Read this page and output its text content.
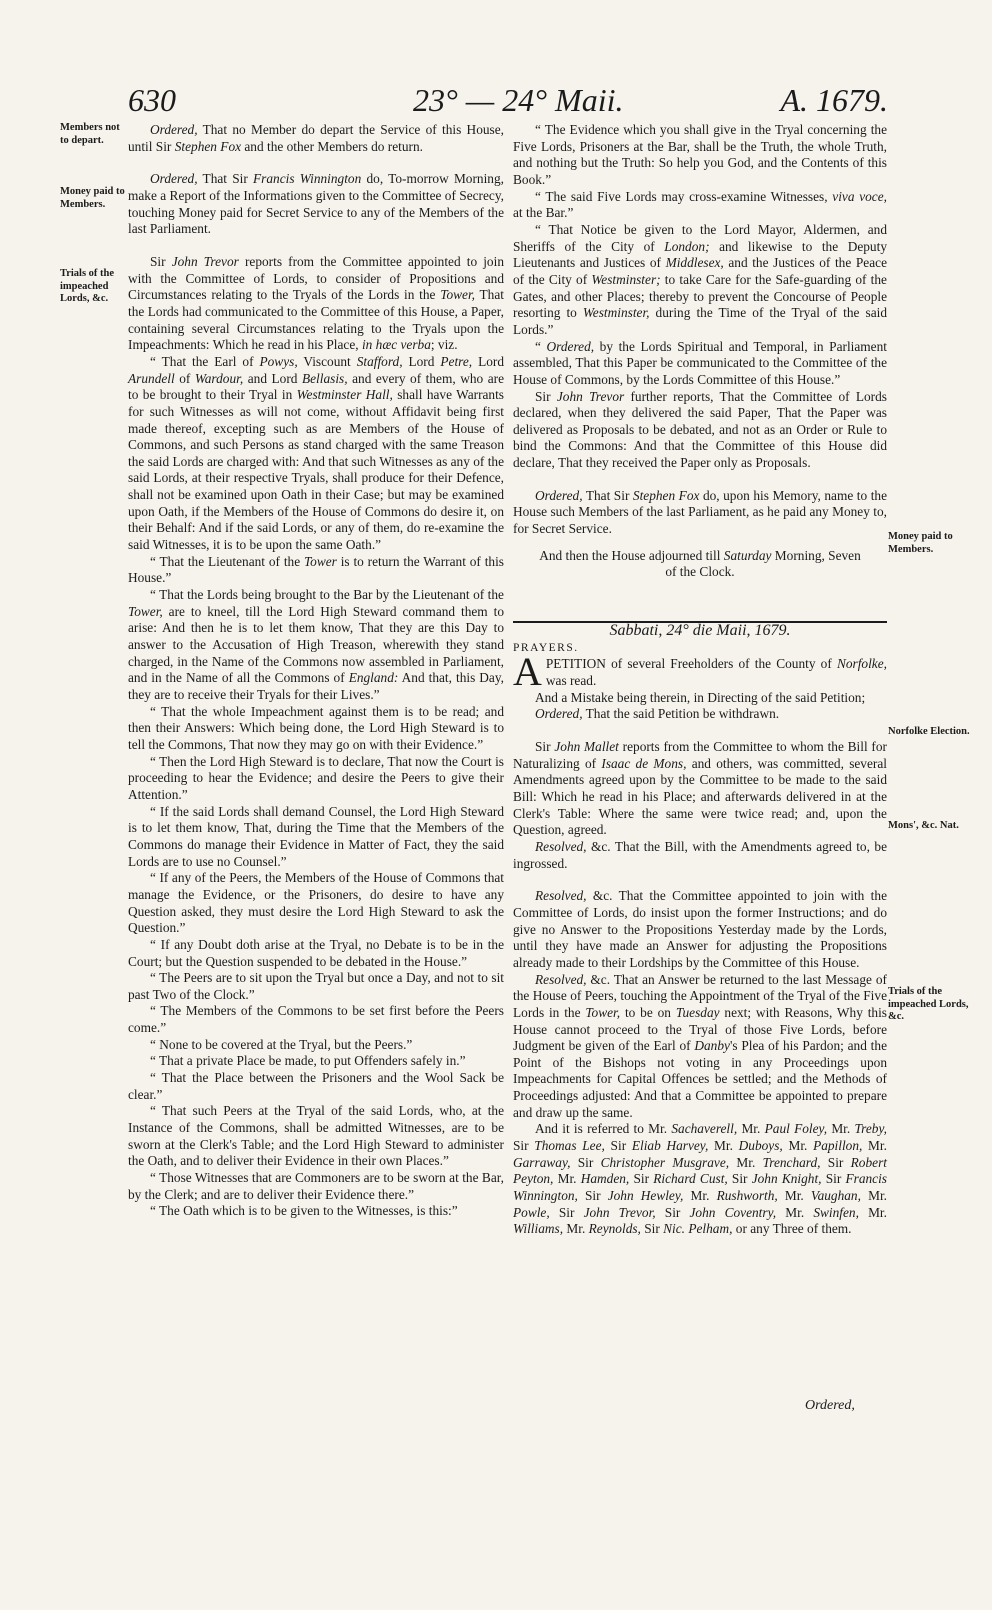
630	23° — 24° Maii.	A. 1679.
Members not to depart.
Money paid to Members.
Trials of the impeached Lords, &c.
Money paid to Members.
Norfolke Election.
Mons', &c. Nat.
Trials of the impeached Lords, &c.

Ordered, That no Member do depart the Service of this House, until Sir Stephen Fox and the other Members do return.

Ordered, That Sir Francis Winnington do, To-morrow Morning, make a Report of the Informations given to the Committee of Secrecy, touching Money paid for Secret Service to any of the Members of the last Parliament.

Sir John Trevor reports from the Committee appointed to join with the Committee of Lords, to consider of Propositions and Circumstances relating to the Tryals of the Lords in the Tower, That the Lords had communicated to the Committee of this House, a Paper, containing several Circumstances relating to the Tryals upon the Impeachments: Which he read in his Place, in hæc verba; viz.

“ That the Earl of Powys, Viscount Stafford, Lord Petre, Lord Arundell of Wardour, and Lord Bellasis, and every of them, who are to be brought to their Tryal in Westminster Hall, shall have Warrants for such Witnesses as will not come, without Affidavit being first made thereof, excepting such as are Members of the House of Commons, and such Persons as stand charged with the same Treason the said Lords are charged with: And that such Witnesses as any of the said Lords, at their respective Tryals, shall produce for their Defence, shall not be examined upon Oath in their Case; but may be examined upon Oath, if the Members of the House of Commons do desire it, on their Behalf: And if the said Lords, or any of them, do re-examine the said Witnesses, it is to be upon the same Oath.”

“ That the Lieutenant of the Tower is to return the Warrant of this House.”

“ That the Lords being brought to the Bar by the Lieutenant of the Tower, are to kneel, till the Lord High Steward command them to arise: And then he is to let them know, That they are this Day to answer to the Accusation of High Treason, wherewith they stand charged, in the Name of the Commons now assembled in Parliament, and in the Name of all the Commons of England: And that, this Day, they are to receive their Tryals for their Lives.”

“ That the whole Impeachment against them is to be read; and then their Answers: Which being done, the Lord High Steward is to tell the Commons, That now they may go on with their Evidence.”

“ Then the Lord High Steward is to declare, That now the Court is proceeding to hear the Evidence; and desire the Peers to give their Attention.”

“ If the said Lords shall demand Counsel, the Lord High Steward is to let them know, That, during the Time that the Members of the Commons do manage their Evidence in Matter of Fact, they the said Lords are to use no Counsel.”

“ If any of the Peers, the Members of the House of Commons that manage the Evidence, or the Prisoners, do desire to have any Question asked, they must desire the Lord High Steward to ask the Question.”

“ If any Doubt doth arise at the Tryal, no Debate is to be in the Court; but the Question suspended to be debated in the House.”

“ The Peers are to sit upon the Tryal but once a Day, and not to sit past Two of the Clock.”

“ The Members of the Commons to be set first before the Peers come.”

“ None to be covered at the Tryal, but the Peers.”

“ That a private Place be made, to put Offenders safely in.”

“ That the Place between the Prisoners and the Wool Sack be clear.”

“ That such Peers at the Tryal of the said Lords, who, at the Instance of the Commons, shall be admitted Witnesses, are to be sworn at the Clerk's Table; and the Lord High Steward to administer the Oath, and to deliver their Evidence in their own Places.”

“ Those Witnesses that are Commoners are to be sworn at the Bar, by the Clerk; and are to deliver their Evidence there.”

“ The Oath which is to be given to the Witnesses, is this:”

“ The Evidence which you shall give in the Tryal concerning the Five Lords, Prisoners at the Bar, shall be the Truth, the whole Truth, and nothing but the Truth: So help you God, and the Contents of this Book.”

“ The said Five Lords may cross-examine Witnesses, viva voce, at the Bar.”

“ That Notice be given to the Lord Mayor, Aldermen, and Sheriffs of the City of London; and likewise to the Deputy Lieutenants and Justices of Middlesex, and the Justices of the Peace of the City of Westminster; to take Care for the Safe-guarding of the Gates, and other Places; thereby to prevent the Concourse of People resorting to Westminster, during the Time of the Tryal of the said Lords.”

“ Ordered, by the Lords Spiritual and Temporal, in Parliament assembled, That this Paper be communicated to the Committee of the House of Commons, by the Lords Committee of this House.”

Sir John Trevor further reports, That the Committee of Lords declared, when they delivered the said Paper, That the Paper was delivered as Proposals to be debated, and not as an Order or Rule to bind the Commons: And that the Committee of this House did declare, That they received the Paper only as Proposals.

Ordered, That Sir Stephen Fox do, upon his Memory, name to the House such Members of the last Parliament, as he paid any Money to, for Secret Service.

And then the House adjourned till Saturday Morning, Seven of the Clock.

Sabbati, 24° die Maii, 1679.

PRAYERS.

APETITION of several Freeholders of the County of Norfolke, was read.

And a Mistake being therein, in Directing of the said Petition;

Ordered, That the said Petition be withdrawn.

Sir John Mallet reports from the Committee to whom the Bill for Naturalizing of Isaac de Mons, and others, was committed, several Amendments agreed upon by the Committee to be made to the said Bill: Which he read in his Place; and afterwards delivered in at the Clerk's Table: Where the same were twice read; and, upon the Question, agreed.

Resolved, &c. That the Bill, with the Amendments agreed to, be ingrossed.

Resolved, &c. That the Committee appointed to join with the Committee of Lords, do insist upon the former Instructions; and do give no Answer to the Propositions Yesterday made by the Lords, until they have made an Answer for adjusting the Propositions already made to their Lordships by the Committee of this House.

Resolved, &c. That an Answer be returned to the last Message of the House of Peers, touching the Appointment of the Tryal of the Five Lords in the Tower, to be on Tuesday next; with Reasons, Why this House cannot proceed to the Tryal of those Five Lords, before Judgment be given of the Earl of Danby's Plea of his Pardon; and the Point of the Bishops not voting in any Proceedings upon Impeachments for Capital Offences be settled; and the Methods of Proceedings adjusted: And that a Committee be appointed to prepare and draw up the same.

And it is referred to Mr. Sachaverell, Mr. Paul Foley, Mr. Treby, Sir Thomas Lee, Sir Eliab Harvey, Mr. Duboys, Mr. Papillon, Mr. Garraway, Sir Christopher Musgrave, Mr. Trenchard, Sir Robert Peyton, Mr. Hamden, Sir Richard Cust, Sir John Knight, Sir Francis Winnington, Sir John Hewley, Mr. Rushworth, Mr. Vaughan, Mr. Powle, Sir John Trevor, Sir John Coventry, Mr. Swinfen, Mr. Williams, Mr. Reynolds, Sir Nic. Pelham, or any Three of them.

Ordered,
